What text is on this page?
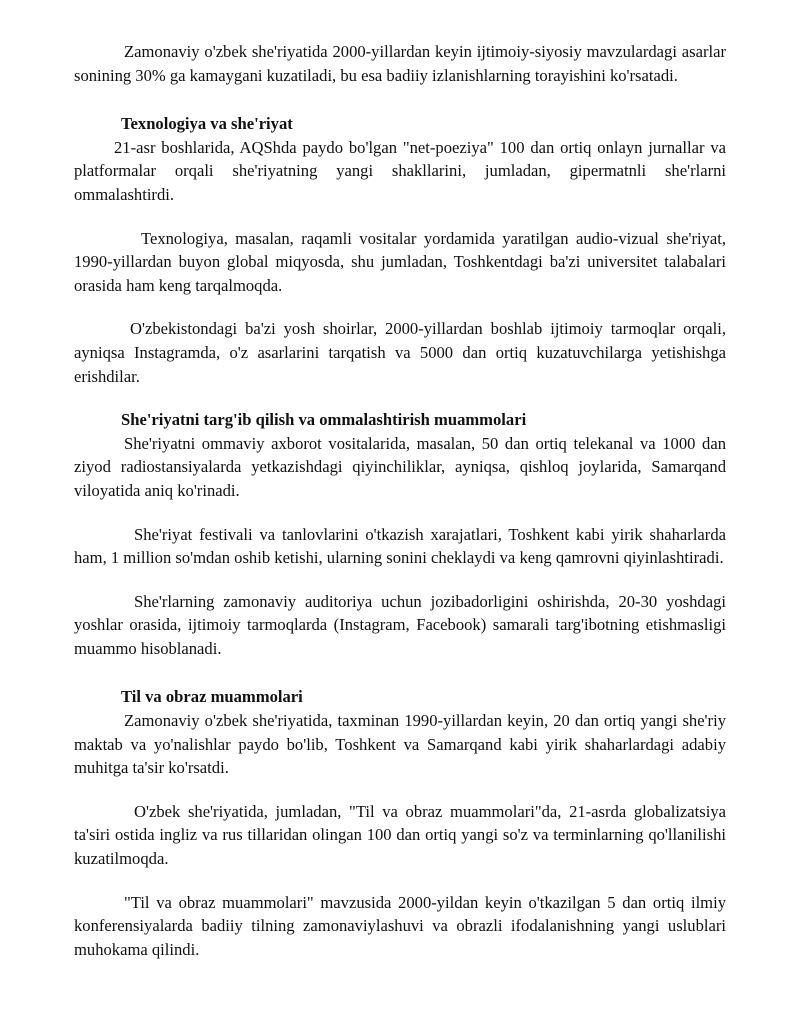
Zamonaviy o'zbek she'riyatida 2000-yillardan keyin ijtimoiy-siyosiy mavzulardagi asarlar sonining 30% ga kamaygani kuzatiladi, bu esa badiiy izlanishlarning torayishini ko'rsatadi.

Texnologiya va she'riyat

21-asr boshlarida, AQShda paydo bo'lgan "net-poeziya" 100 dan ortiq onlayn jurnallar va platformalar orqali she'riyatning yangi shakllarini, jumladan, gipermatnli she'rlarni ommalashtirdi.

Texnologiya, masalan, raqamli vositalar yordamida yaratilgan audio-vizual she'riyat, 1990-yillardan buyon global miqyosda, shu jumladan, Toshkentdagi ba'zi universitet talabalari orasida ham keng tarqalmoqda.

O'zbekistondagi ba'zi yosh shoirlar, 2000-yillardan boshlab ijtimoiy tarmoqlar orqali, ayniqsa Instagramda, o'z asarlarini tarqatish va 5000 dan ortiq kuzatuvchilarga yetishishga erishdilar.

She'riyatni targ'ib qilish va ommalashtirish muammolari

She'riyatni ommaviy axborot vositalarida, masalan, 50 dan ortiq telekanal va 1000 dan ziyod radiostansiyalarda yetkazishdagi qiyinchiliklar, ayniqsa, qishloq joylarida, Samarqand viloyatida aniq ko'rinadi.

She'riyat festivali va tanlovlarini o'tkazish xarajatlari, Toshkent kabi yirik shaharlarda ham, 1 million so'mdan oshib ketishi, ularning sonini cheklaydi va keng qamrovni qiyinlashtiradi.

She'rlarning zamonaviy auditoriya uchun jozibadorligini oshirishda, 20-30 yoshdagi yoshlar orasida, ijtimoiy tarmoqlarda (Instagram, Facebook) samarali targ'ibotning etishmasligi muammo hisoblanadi.

Til va obraz muammolari

Zamonaviy o'zbek she'riyatida, taxminan 1990-yillardan keyin, 20 dan ortiq yangi she'riy maktab va yo'nalishlar paydo bo'lib, Toshkent va Samarqand kabi yirik shaharlardagi adabiy muhitga ta'sir ko'rsatdi.

O'zbek she'riyatida, jumladan, "Til va obraz muammolari"da, 21-asrda globalizatsiya ta'siri ostida ingliz va rus tillaridan olingan 100 dan ortiq yangi so'z va terminlarning qo'llanilishi kuzatilmoqda.

"Til va obraz muammolari" mavzusida 2000-yildan keyin o'tkazilgan 5 dan ortiq ilmiy konferensiyalarda badiiy tilning zamonaviylashuvi va obrazli ifodalanishning yangi uslublari muhokama qilindi.
